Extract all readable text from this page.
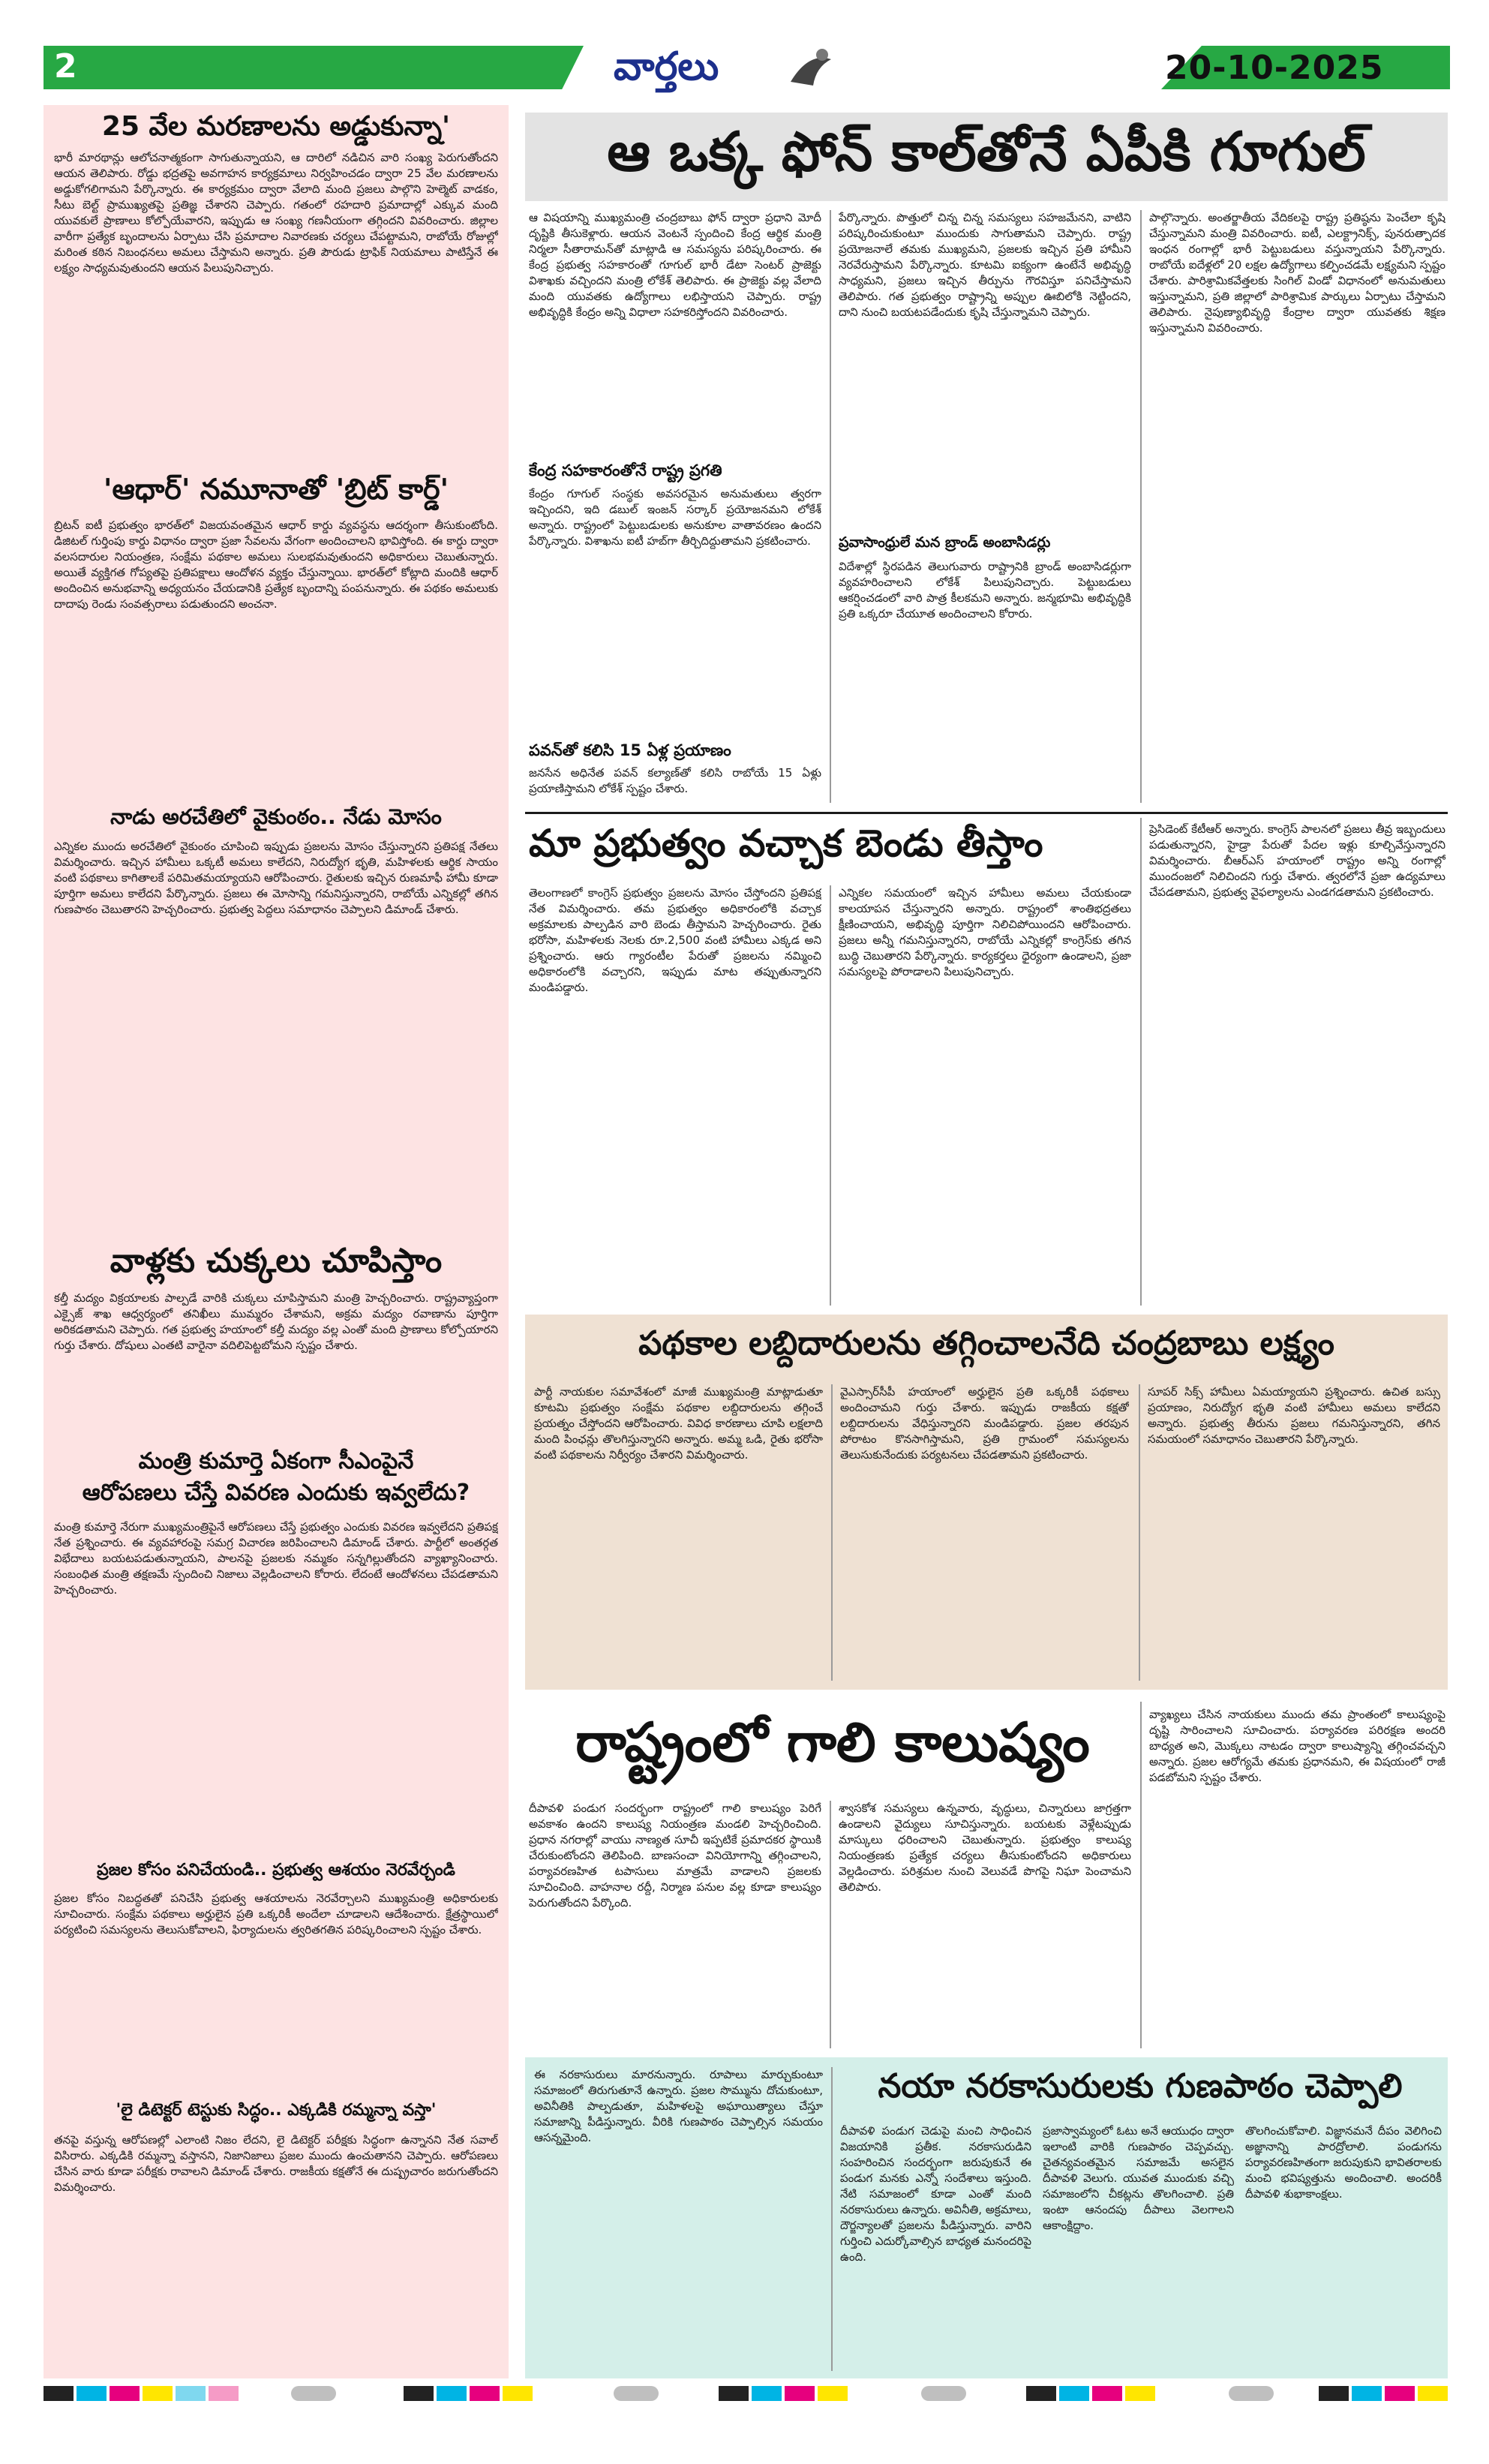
2	వార్తలు	20-10-2025
25 వేల మరణాలను అడ్డుకున్నా'
భారీ మారథాన్లు ఆలోచనాత్మకంగా సాగుతున్నాయని, ఆ దారిలో నడిచిన వారి సంఖ్య పెరుగుతోందని ఆయన తెలిపారు. రోడ్డు భద్రతపై అవగాహన కార్యక్రమాలు నిర్వహించడం ద్వారా 25 వేల మరణాలను అడ్డుకోగలిగామని పేర్కొన్నారు. ఈ కార్యక్రమం ద్వారా వేలాది మంది ప్రజలు పాల్గొని హెల్మెట్ వాడకం, సీటు బెల్ట్ ప్రాముఖ్యతపై ప్రతిజ్ఞ చేశారని చెప్పారు. గతంలో రహదారి ప్రమాదాల్లో ఎక్కువ మంది యువకులే ప్రాణాలు కోల్పోయేవారని, ఇప్పుడు ఆ సంఖ్య గణనీయంగా తగ్గిందని వివరించారు. జిల్లాల వారీగా ప్రత్యేక బృందాలను ఏర్పాటు చేసి ప్రమాదాల నివారణకు చర్యలు చేపట్టామని, రాబోయే రోజుల్లో మరింత కఠిన నిబంధనలు అమలు చేస్తామని అన్నారు. ప్రతి పౌరుడు ట్రాఫిక్ నియమాలు పాటిస్తేనే ఈ లక్ష్యం సాధ్యమవుతుందని ఆయన పిలుపునిచ్చారు.
'ఆధార్' నమూనాతో 'బ్రిట్ కార్డ్'
బ్రిటన్ ఐటీ ప్రభుత్వం భారత్‌లో విజయవంతమైన ఆధార్ కార్డు వ్యవస్థను ఆదర్శంగా తీసుకుంటోంది. డిజిటల్ గుర్తింపు కార్డు విధానం ద్వారా ప్రజా సేవలను వేగంగా అందించాలని భావిస్తోంది. ఈ కార్డు ద్వారా వలసదారుల నియంత్రణ, సంక్షేమ పథకాల అమలు సులభమవుతుందని అధికారులు చెబుతున్నారు. అయితే వ్యక్తిగత గోప్యతపై ప్రతిపక్షాలు ఆందోళన వ్యక్తం చేస్తున్నాయి. భారత్‌లో కోట్లాది మందికి ఆధార్ అందించిన అనుభవాన్ని అధ్యయనం చేయడానికి ప్రత్యేక బృందాన్ని పంపనున్నారు. ఈ పథకం అమలుకు దాదాపు రెండు సంవత్సరాలు పడుతుందని అంచనా.
నాడు అరచేతిలో వైకుంఠం.. నేడు మోసం
ఎన్నికల ముందు అరచేతిలో వైకుంఠం చూపించి ఇప్పుడు ప్రజలను మోసం చేస్తున్నారని ప్రతిపక్ష నేతలు విమర్శించారు. ఇచ్చిన హామీలు ఒక్కటీ అమలు కాలేదని, నిరుద్యోగ భృతి, మహిళలకు ఆర్థిక సాయం వంటి పథకాలు కాగితాలకే పరిమితమయ్యాయని ఆరోపించారు. రైతులకు ఇచ్చిన రుణమాఫీ హామీ కూడా పూర్తిగా అమలు కాలేదని పేర్కొన్నారు. ప్రజలు ఈ మోసాన్ని గమనిస్తున్నారని, రాబోయే ఎన్నికల్లో తగిన గుణపాఠం చెబుతారని హెచ్చరించారు. ప్రభుత్వ పెద్దలు సమాధానం చెప్పాలని డిమాండ్ చేశారు.
వాళ్లకు చుక్కలు చూపిస్తాం
కల్తీ మద్యం విక్రయాలకు పాల్పడే వారికి చుక్కలు చూపిస్తామని మంత్రి హెచ్చరించారు. రాష్ట్రవ్యాప్తంగా ఎక్సైజ్ శాఖ ఆధ్వర్యంలో తనిఖీలు ముమ్మరం చేశామని, అక్రమ మద్యం రవాణాను పూర్తిగా అరికడతామని చెప్పారు. గత ప్రభుత్వ హయాంలో కల్తీ మద్యం వల్ల ఎంతో మంది ప్రాణాలు కోల్పోయారని గుర్తు చేశారు. దోషులు ఎంతటి వారైనా వదిలిపెట్టబోమని స్పష్టం చేశారు.
మంత్రి కుమార్తె ఏకంగా సీఎంపైనే
ఆరోపణలు చేస్తే వివరణ ఎందుకు ఇవ్వలేదు?
మంత్రి కుమార్తె నేరుగా ముఖ్యమంత్రిపైనే ఆరోపణలు చేస్తే ప్రభుత్వం ఎందుకు వివరణ ఇవ్వలేదని ప్రతిపక్ష నేత ప్రశ్నించారు. ఈ వ్యవహారంపై సమగ్ర విచారణ జరిపించాలని డిమాండ్ చేశారు. పార్టీలో అంతర్గత విభేదాలు బయటపడుతున్నాయని, పాలనపై ప్రజలకు నమ్మకం సన్నగిల్లుతోందని వ్యాఖ్యానించారు. సంబంధిత మంత్రి తక్షణమే స్పందించి నిజాలు వెల్లడించాలని కోరారు. లేదంటే ఆందోళనలు చేపడతామని హెచ్చరించారు.
ప్రజల కోసం పనిచేయండి.. ప్రభుత్వ ఆశయం నెరవేర్చండి
ప్రజల కోసం నిబద్ధతతో పనిచేసి ప్రభుత్వ ఆశయాలను నెరవేర్చాలని ముఖ్యమంత్రి అధికారులకు సూచించారు. సంక్షేమ పథకాలు అర్హులైన ప్రతి ఒక్కరికీ అందేలా చూడాలని ఆదేశించారు. క్షేత్రస్థాయిలో పర్యటించి సమస్యలను తెలుసుకోవాలని, ఫిర్యాదులను త్వరితగతిన పరిష్కరించాలని స్పష్టం చేశారు.
'లై డిటెక్టర్ టెస్టుకు సిద్ధం.. ఎక్కడికి రమ్మన్నా వస్తా'
తనపై వస్తున్న ఆరోపణల్లో ఎలాంటి నిజం లేదని, లై డిటెక్టర్ పరీక్షకు సిద్ధంగా ఉన్నానని నేత సవాల్ విసిరారు. ఎక్కడికి రమ్మన్నా వస్తానని, నిజానిజాలు ప్రజల ముందు ఉంచుతానని చెప్పారు. ఆరోపణలు చేసిన వారు కూడా పరీక్షకు రావాలని డిమాండ్ చేశారు. రాజకీయ కక్షతోనే ఈ దుష్ప్రచారం జరుగుతోందని విమర్శించారు.
ఆ ఒక్క ఫోన్ కాల్‌తోనే ఏపీకి గూగుల్
ఆ విషయాన్ని ముఖ్యమంత్రి చంద్రబాబు ఫోన్ ద్వారా ప్రధాని మోదీ దృష్టికి తీసుకెళ్లారు. ఆయన వెంటనే స్పందించి కేంద్ర ఆర్థిక మంత్రి నిర్మలా సీతారామన్‌తో మాట్లాడి ఆ సమస్యను పరిష్కరించారు. ఈ కేంద్ర ప్రభుత్వ సహకారంతో గూగుల్ భారీ డేటా సెంటర్ ప్రాజెక్టు విశాఖకు వచ్చిందని మంత్రి లోకేశ్ తెలిపారు. ఈ ప్రాజెక్టు వల్ల వేలాది మంది యువతకు ఉద్యోగాలు లభిస్తాయని చెప్పారు. రాష్ట్ర అభివృద్ధికి కేంద్రం అన్ని విధాలా సహకరిస్తోందని వివరించారు.
కేంద్ర సహకారంతోనే రాష్ట్ర ప్రగతి
కేంద్రం గూగుల్ సంస్థకు అవసరమైన అనుమతులు త్వరగా ఇచ్చిందని, ఇది డబుల్ ఇంజన్ సర్కార్ ప్రయోజనమని లోకేశ్ అన్నారు. రాష్ట్రంలో పెట్టుబడులకు అనుకూల వాతావరణం ఉందని పేర్కొన్నారు. విశాఖను ఐటీ హబ్‌గా తీర్చిదిద్దుతామని ప్రకటించారు.
పవన్‌తో కలిసి 15 ఏళ్ల ప్రయాణం
జనసేన అధినేత పవన్ కల్యాణ్‌తో కలిసి రాబోయే 15 ఏళ్లు ప్రయాణిస్తామని లోకేశ్ స్పష్టం చేశారు.
పేర్కొన్నారు. పొత్తులో చిన్న చిన్న సమస్యలు సహజమేనని, వాటిని పరిష్కరించుకుంటూ ముందుకు సాగుతామని చెప్పారు. రాష్ట్ర ప్రయోజనాలే తమకు ముఖ్యమని, ప్రజలకు ఇచ్చిన ప్రతి హామీని నెరవేరుస్తామని పేర్కొన్నారు. కూటమి ఐక్యంగా ఉంటేనే అభివృద్ధి సాధ్యమని, ప్రజలు ఇచ్చిన తీర్పును గౌరవిస్తూ పనిచేస్తామని తెలిపారు. గత ప్రభుత్వం రాష్ట్రాన్ని అప్పుల ఊబిలోకి నెట్టిందని, దాని నుంచి బయటపడేందుకు కృషి చేస్తున్నామని చెప్పారు.
ప్రవాసాంధ్రులే మన బ్రాండ్ అంబాసిడర్లు
విదేశాల్లో స్థిరపడిన తెలుగువారు రాష్ట్రానికి బ్రాండ్ అంబాసిడర్లుగా వ్యవహరించాలని లోకేశ్ పిలుపునిచ్చారు. పెట్టుబడులు ఆకర్షించడంలో వారి పాత్ర కీలకమని అన్నారు. జన్మభూమి అభివృద్ధికి ప్రతి ఒక్కరూ చేయూత అందించాలని కోరారు.
పాల్గొన్నారు. అంతర్జాతీయ వేదికలపై రాష్ట్ర ప్రతిష్ఠను పెంచేలా కృషి చేస్తున్నామని మంత్రి వివరించారు. ఐటీ, ఎలక్ట్రానిక్స్, పునరుత్పాదక ఇంధన రంగాల్లో భారీ పెట్టుబడులు వస్తున్నాయని పేర్కొన్నారు. రాబోయే ఐదేళ్లలో 20 లక్షల ఉద్యోగాలు కల్పించడమే లక్ష్యమని స్పష్టం చేశారు. పారిశ్రామికవేత్తలకు సింగిల్ విండో విధానంలో అనుమతులు ఇస్తున్నామని, ప్రతి జిల్లాలో పారిశ్రామిక పార్కులు ఏర్పాటు చేస్తామని తెలిపారు. నైపుణ్యాభివృద్ధి కేంద్రాల ద్వారా యువతకు శిక్షణ ఇస్తున్నామని వివరించారు.
మా ప్రభుత్వం వచ్చాక బెండు తీస్తాం
తెలంగాణలో కాంగ్రెస్ ప్రభుత్వం ప్రజలను మోసం చేస్తోందని ప్రతిపక్ష నేత విమర్శించారు. తమ ప్రభుత్వం అధికారంలోకి వచ్చాక అక్రమాలకు పాల్పడిన వారి బెండు తీస్తామని హెచ్చరించారు. రైతు భరోసా, మహిళలకు నెలకు రూ.2,500 వంటి హామీలు ఎక్కడ అని ప్రశ్నించారు. ఆరు గ్యారంటీల పేరుతో ప్రజలను నమ్మించి అధికారంలోకి వచ్చారని, ఇప్పుడు మాట తప్పుతున్నారని మండిపడ్డారు.
ఎన్నికల సమయంలో ఇచ్చిన హామీలు అమలు చేయకుండా కాలయాపన చేస్తున్నారని అన్నారు. రాష్ట్రంలో శాంతిభద్రతలు క్షీణించాయని, అభివృద్ధి పూర్తిగా నిలిచిపోయిందని ఆరోపించారు. ప్రజలు అన్నీ గమనిస్తున్నారని, రాబోయే ఎన్నికల్లో కాంగ్రెస్‌కు తగిన బుద్ధి చెబుతారని పేర్కొన్నారు. కార్యకర్తలు ధైర్యంగా ఉండాలని, ప్రజా సమస్యలపై పోరాడాలని పిలుపునిచ్చారు.
ప్రెసిడెంట్ కేటీఆర్ అన్నారు. కాంగ్రెస్ పాలనలో ప్రజలు తీవ్ర ఇబ్బందులు పడుతున్నారని, హైడ్రా పేరుతో పేదల ఇళ్లు కూల్చివేస్తున్నారని విమర్శించారు. బీఆర్ఎస్ హయాంలో రాష్ట్రం అన్ని రంగాల్లో ముందంజలో నిలిచిందని గుర్తు చేశారు. త్వరలోనే ప్రజా ఉద్యమాలు చేపడతామని, ప్రభుత్వ వైఫల్యాలను ఎండగడతామని ప్రకటించారు.
పథకాల లబ్దిదారులను తగ్గించాలనేది చంద్రబాబు లక్ష్యం
పార్టీ నాయకుల సమావేశంలో మాజీ ముఖ్యమంత్రి మాట్లాడుతూ కూటమి ప్రభుత్వం సంక్షేమ పథకాల లబ్దిదారులను తగ్గించే ప్రయత్నం చేస్తోందని ఆరోపించారు. వివిధ కారణాలు చూపి లక్షలాది మంది పింఛన్లు తొలగిస్తున్నారని అన్నారు. అమ్మ ఒడి, రైతు భరోసా వంటి పథకాలను నిర్వీర్యం చేశారని విమర్శించారు.
వైఎస్సార్‌సీపీ హయాంలో అర్హులైన ప్రతి ఒక్కరికీ పథకాలు అందించామని గుర్తు చేశారు. ఇప్పుడు రాజకీయ కక్షతో లబ్దిదారులను వేధిస్తున్నారని మండిపడ్డారు. ప్రజల తరపున పోరాటం కొనసాగిస్తామని, ప్రతి గ్రామంలో సమస్యలను తెలుసుకునేందుకు పర్యటనలు చేపడతామని ప్రకటించారు.
సూపర్ సిక్స్ హామీలు ఏమయ్యాయని ప్రశ్నించారు. ఉచిత బస్సు ప్రయాణం, నిరుద్యోగ భృతి వంటి హామీలు అమలు కాలేదని అన్నారు. ప్రభుత్వ తీరును ప్రజలు గమనిస్తున్నారని, తగిన సమయంలో సమాధానం చెబుతారని పేర్కొన్నారు.
రాష్ట్రంలో గాలి కాలుష్యం
దీపావళి పండుగ సందర్భంగా రాష్ట్రంలో గాలి కాలుష్యం పెరిగే అవకాశం ఉందని కాలుష్య నియంత్రణ మండలి హెచ్చరించింది. ప్రధాన నగరాల్లో వాయు నాణ్యత సూచీ ఇప్పటికే ప్రమాదకర స్థాయికి చేరుకుంటోందని తెలిపింది. బాణసంచా వినియోగాన్ని తగ్గించాలని, పర్యావరణహిత టపాసులు మాత్రమే వాడాలని ప్రజలకు సూచించింది. వాహనాల రద్దీ, నిర్మాణ పనుల వల్ల కూడా కాలుష్యం పెరుగుతోందని పేర్కొంది.
శ్వాసకోశ సమస్యలు ఉన్నవారు, వృద్ధులు, చిన్నారులు జాగ్రత్తగా ఉండాలని వైద్యులు సూచిస్తున్నారు. బయటకు వెళ్లేటప్పుడు మాస్కులు ధరించాలని చెబుతున్నారు. ప్రభుత్వం కాలుష్య నియంత్రణకు ప్రత్యేక చర్యలు తీసుకుంటోందని అధికారులు వెల్లడించారు. పరిశ్రమల నుంచి వెలువడే పొగపై నిఘా పెంచామని తెలిపారు.
వ్యాఖ్యలు చేసిన నాయకులు ముందు తమ ప్రాంతంలో కాలుష్యంపై దృష్టి సారించాలని సూచించారు. పర్యావరణ పరిరక్షణ అందరి బాధ్యత అని, మొక్కలు నాటడం ద్వారా కాలుష్యాన్ని తగ్గించవచ్చని అన్నారు. ప్రజల ఆరోగ్యమే తమకు ప్రధానమని, ఈ విషయంలో రాజీ పడబోమని స్పష్టం చేశారు.
ఈ నరకాసురులు మారనున్నారు. రూపాలు మార్చుకుంటూ సమాజంలో తిరుగుతూనే ఉన్నారు. ప్రజల సొమ్మును దోచుకుంటూ, అవినీతికి పాల్పడుతూ, మహిళలపై అఘాయిత్యాలు చేస్తూ సమాజాన్ని పీడిస్తున్నారు. వీరికి గుణపాఠం చెప్పాల్సిన సమయం ఆసన్నమైంది.
నయా నరకాసురులకు గుణపాఠం చెప్పాలి
దీపావళి పండుగ చెడుపై మంచి సాధించిన విజయానికి ప్రతీక. నరకాసురుడిని సంహరించిన సందర్భంగా జరుపుకునే ఈ పండుగ మనకు ఎన్నో సందేశాలు ఇస్తుంది. నేటి సమాజంలో కూడా ఎంతో మంది నరకాసురులు ఉన్నారు. అవినీతి, అక్రమాలు, దౌర్జన్యాలతో ప్రజలను పీడిస్తున్నారు. వారిని గుర్తించి ఎదుర్కోవాల్సిన బాధ్యత మనందరిపై ఉంది.
ప్రజాస్వామ్యంలో ఓటు అనే ఆయుధం ద్వారా ఇలాంటి వారికి గుణపాఠం చెప్పవచ్చు. చైతన్యవంతమైన సమాజమే అసలైన దీపావళి వెలుగు. యువత ముందుకు వచ్చి సమాజంలోని చీకట్లను తొలగించాలి. ప్రతి ఇంటా ఆనందపు దీపాలు వెలగాలని ఆకాంక్షిద్దాం.
తొలగించుకోవాలి. విజ్ఞానమనే దీపం వెలిగించి అజ్ఞానాన్ని పారద్రోలాలి. పండుగను పర్యావరణహితంగా జరుపుకుని భావితరాలకు మంచి భవిష్యత్తును అందించాలి. అందరికీ దీపావళి శుభాకాంక్షలు.
